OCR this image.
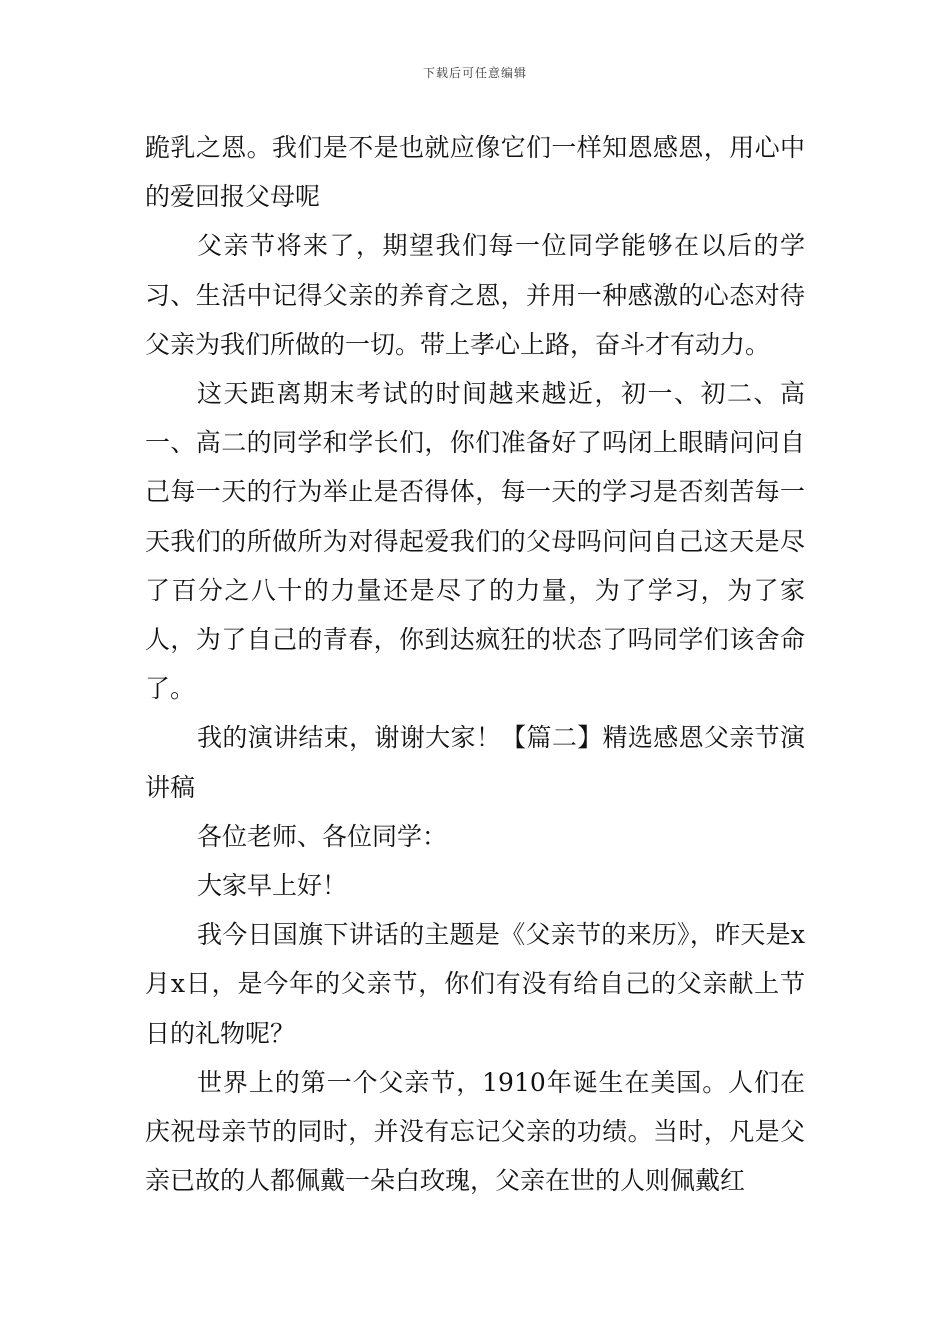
下载后可任意编辑

跪乳之恩。我们是不是也就应像它们一样知恩感恩，用心中的爱回报父母呢

父亲节将来了，期望我们每一位同学能够在以后的学习、生活中记得父亲的养育之恩，并用一种感激的心态对待父亲为我们所做的一切。带上孝心上路，奋斗才有动力。

这天距离期末考试的时间越来越近，初一、初二、高一、高二的同学和学长们，你们准备好了吗闭上眼睛问问自己每一天的行为举止是否得体，每一天的学习是否刻苦每一天我们的所做所为对得起爱我们的父母吗问问自己这天是尽了百分之八十的力量还是尽了的力量，为了学习，为了家人，为了自己的青春，你到达疯狂的状态了吗同学们该舍命了。

我的演讲结束，谢谢大家！【篇二】精选感恩父亲节演讲稿

各位老师、各位同学：

大家早上好！

我今日国旗下讲话的主题是《父亲节的来历》，昨天是x月x日，是今年的父亲节，你们有没有给自己的父亲献上节日的礼物呢？

世界上的第一个父亲节，1910年诞生在美国。人们在庆祝母亲节的同时，并没有忘记父亲的功绩。当时，凡是父亲已故的人都佩戴一朵白玫瑰，父亲在世的人则佩戴红
